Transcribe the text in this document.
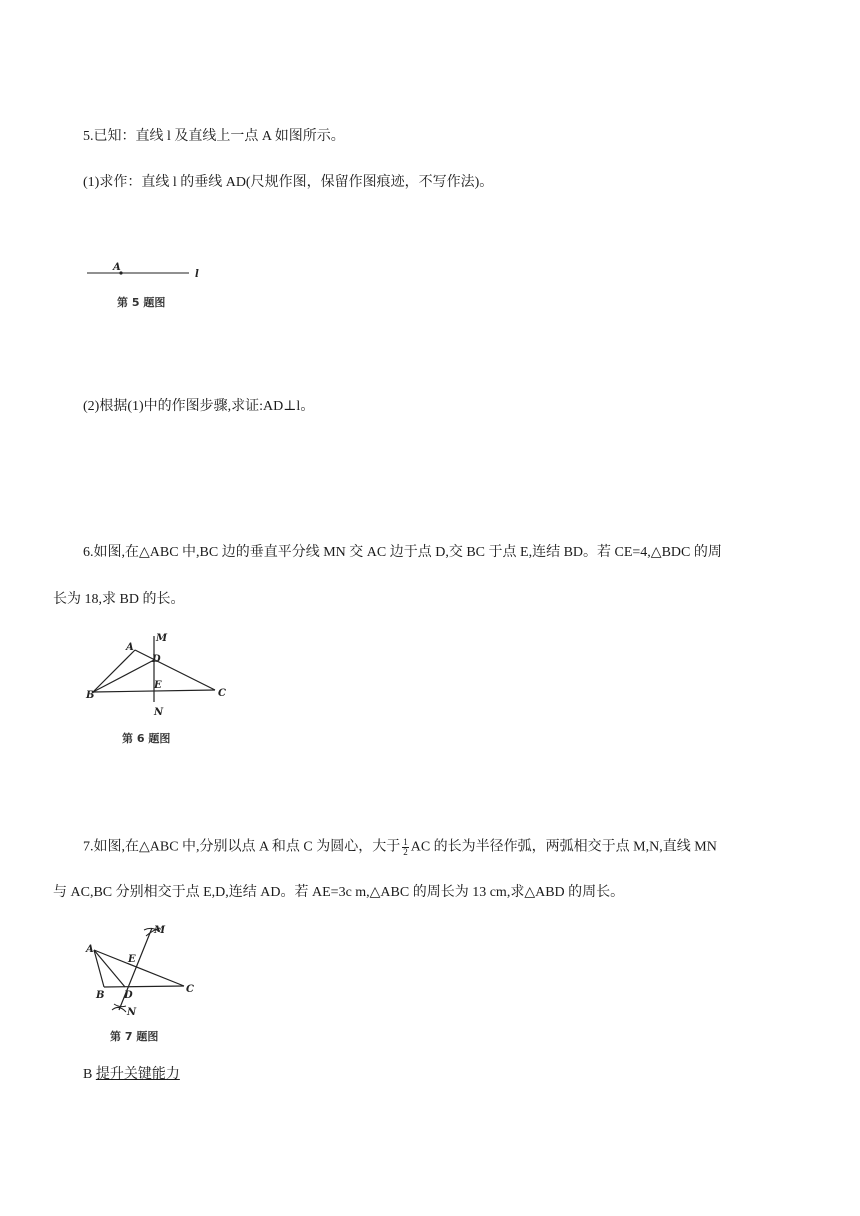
5.已知：直线 l 及直线上一点 A 如图所示。
(1)求作：直线 l 的垂线 AD(尺规作图，保留作图痕迹，不写作法)。
A
l
第 5 题图
(2)根据(1)中的作图步骤,求证:AD⊥l。
6.如图,在△ABC 中,BC 边的垂直平分线 MN 交 AC 边于点 D,交 BC 于点 E,连结 BD。若 CE=4,△BDC 的周
长为 18,求 BD 的长。
A
M
D
B
E
C
N
第 6 题图
7.如图,在△ABC 中,分别以点 A 和点 C 为圆心，大于 $\frac{1}{2}$ AC 的长为半径作弧，两弧相交于点 M,N,直线 MN
与 AC,BC 分别相交于点 E,D,连结 AD。若 AE=3c m,△ABC 的周长为 13 cm,求△ABD 的周长。
A
M
E
B D
C
N
第 7 题图
B 提升关键能力
